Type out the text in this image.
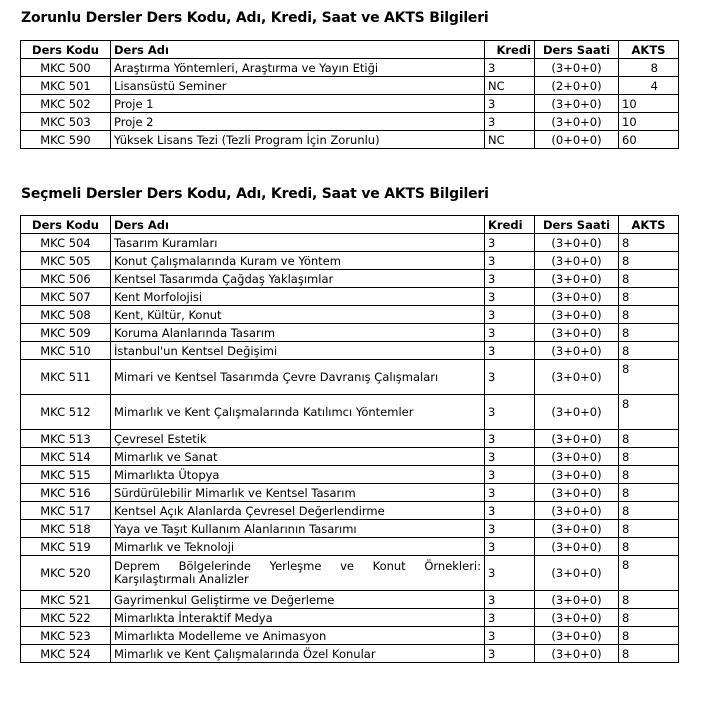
Zorunlu Dersler Ders Kodu, Adı, Kredi, Saat ve AKTS Bilgileri
Ders Kodu	Ders Adı	Kredi	Ders Saati	AKTS
MKC 500	Araştırma Yöntemleri, Araştırma ve Yayın Etiği	3	(3+0+0)	8
MKC 501	Lisansüstü Seminer	NC	(2+0+0)	4
MKC 502	Proje 1	3	(3+0+0)	10
MKC 503	Proje 2	3	(3+0+0)	10
MKC 590	Yüksek Lisans Tezi (Tezli Program İçin Zorunlu)	NC	(0+0+0)	60
Seçmeli Dersler Ders Kodu, Adı, Kredi, Saat ve AKTS Bilgileri
Ders Kodu	Ders Adı	Kredi	Ders Saati	AKTS
MKC 504	Tasarım Kuramları	3	(3+0+0)	8
MKC 505	Konut Çalışmalarında Kuram ve Yöntem	3	(3+0+0)	8
MKC 506	Kentsel Tasarımda Çağdaş Yaklaşımlar	3	(3+0+0)	8
MKC 507	Kent Morfolojisi	3	(3+0+0)	8
MKC 508	Kent, Kültür, Konut	3	(3+0+0)	8
MKC 509	Koruma Alanlarında Tasarım	3	(3+0+0)	8
MKC 510	İstanbul'un Kentsel Değişimi	3	(3+0+0)	8
MKC 511	Mimari ve Kentsel Tasarımda Çevre Davranış Çalışmaları	3	(3+0+0)	8
MKC 512	Mimarlık ve Kent Çalışmalarında Katılımcı Yöntemler	3	(3+0+0)	8
MKC 513	Çevresel Estetik	3	(3+0+0)	8
MKC 514	Mimarlık ve Sanat	3	(3+0+0)	8
MKC 515	Mimarlıkta Ütopya	3	(3+0+0)	8
MKC 516	Sürdürülebilir Mimarlık ve Kentsel Tasarım	3	(3+0+0)	8
MKC 517	Kentsel Açık Alanlarda Çevresel Değerlendirme	3	(3+0+0)	8
MKC 518	Yaya ve Taşıt Kullanım Alanlarının Tasarımı	3	(3+0+0)	8
MKC 519	Mimarlık ve Teknoloji	3	(3+0+0)	8
MKC 520	Deprem Bölgelerinde Yerleşme ve Konut Örnekleri: Karşılaştırmalı Analizler	3	(3+0+0)	8
MKC 521	Gayrimenkul Geliştirme ve Değerleme	3	(3+0+0)	8
MKC 522	Mimarlıkta İnteraktif Medya	3	(3+0+0)	8
MKC 523	Mimarlıkta Modelleme ve Animasyon	3	(3+0+0)	8
MKC 524	Mimarlık ve Kent Çalışmalarında Özel Konular	3	(3+0+0)	8
